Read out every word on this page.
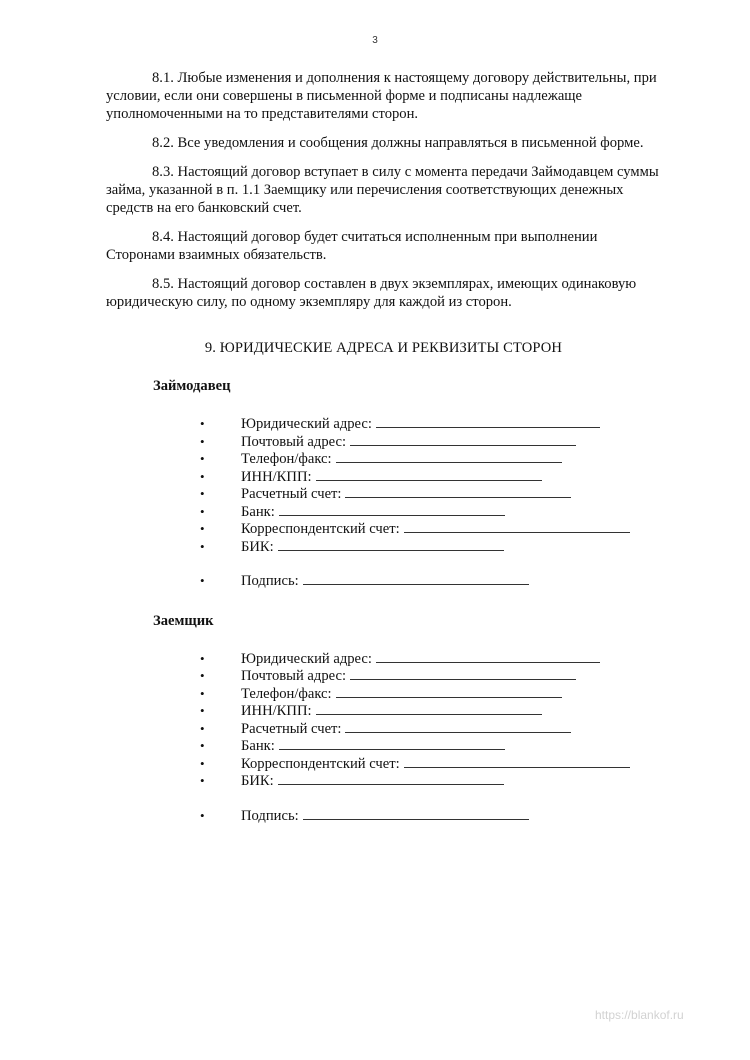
3

8.1. Любые изменения и дополнения к настоящему договору действительны, при условии, если они совершены в письменной форме и подписаны надлежаще уполномоченными на то представителями сторон.

8.2. Все уведомления и сообщения должны направляться в письменной форме.

8.3. Настоящий договор вступает в силу с момента передачи Займодавцем суммы займа, указанной в п. 1.1 Заемщику или перечисления соответствующих денежных средств на его банковский счет.

8.4. Настоящий договор будет считаться исполненным при выполнении Сторонами взаимных обязательств.

8.5. Настоящий договор составлен в двух экземплярах, имеющих одинаковую юридическую силу, по одному экземпляру для каждой из сторон.

9. ЮРИДИЧЕСКИЕ АДРЕСА И РЕКВИЗИТЫ СТОРОН
Займодавец
• Юридический адрес:
• Почтовый адрес:
• Телефон/факс:
• ИНН/КПП:
• Расчетный счет:
• Банк:
• Корреспондентский счет:
• БИК:
• Подпись:
Заемщик
• Юридический адрес:
• Почтовый адрес:
• Телефон/факс:
• ИНН/КПП:
• Расчетный счет:
• Банк:
• Корреспондентский счет:
• БИК:
• Подпись:
https://blankof.ru
